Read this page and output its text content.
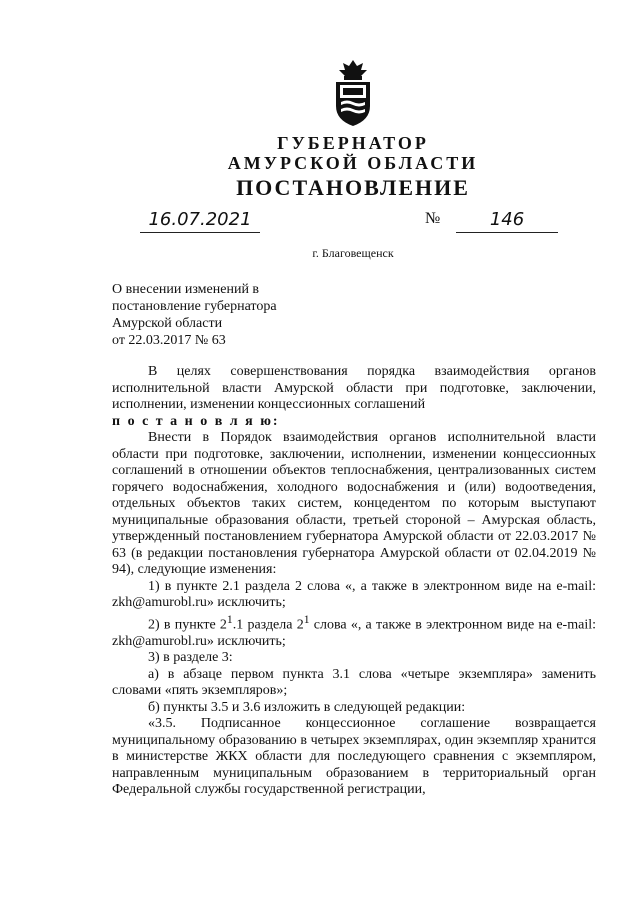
ГУБЕРНАТОР
АМУРСКОЙ ОБЛАСТИ
ПОСТАНОВЛЕНИЕ
16.07.2021	№	146
г. Благовещенск
О внесении изменений в
постановление губернатора
Амурской области
от 22.03.2017 № 63

В целях совершенствования порядка взаимодействия органов исполнительной власти Амурской области при подготовке, заключении, исполнении, изменении концессионных соглашений

п о с т а н о в л я ю:

Внести в Порядок взаимодействия органов исполнительной власти области при подготовке, заключении, исполнении, изменении концессионных соглашений в отношении объектов теплоснабжения, централизованных систем горячего водоснабжения, холодного водоснабжения и (или) водоотведения, отдельных объектов таких систем, концедентом по которым выступают муниципальные образования области, третьей стороной – Амурская область, утвержденный постановлением губернатора Амурской области от 22.03.2017 № 63 (в редакции постановления губернатора Амурской области от 02.04.2019 № 94), следующие изменения:

1) в пункте 2.1 раздела 2 слова «, а также в электронном виде на e-mail: zkh@amurobl.ru» исключить;

2) в пункте $2^1.1$ раздела $2^1$ слова «, а также в электронном виде на e-mail: zkh@amurobl.ru» исключить;

3) в разделе 3:

а) в абзаце первом пункта 3.1 слова «четыре экземпляра» заменить словами «пять экземпляров»;

б) пункты 3.5 и 3.6 изложить в следующей редакции:

«3.5. Подписанное концессионное соглашение возвращается муниципальному образованию в четырех экземплярах, один экземпляр хранится в министерстве ЖКХ области для последующего сравнения с экземпляром, направленным муниципальным образованием в территориальный орган Федеральной службы государственной регистрации,
